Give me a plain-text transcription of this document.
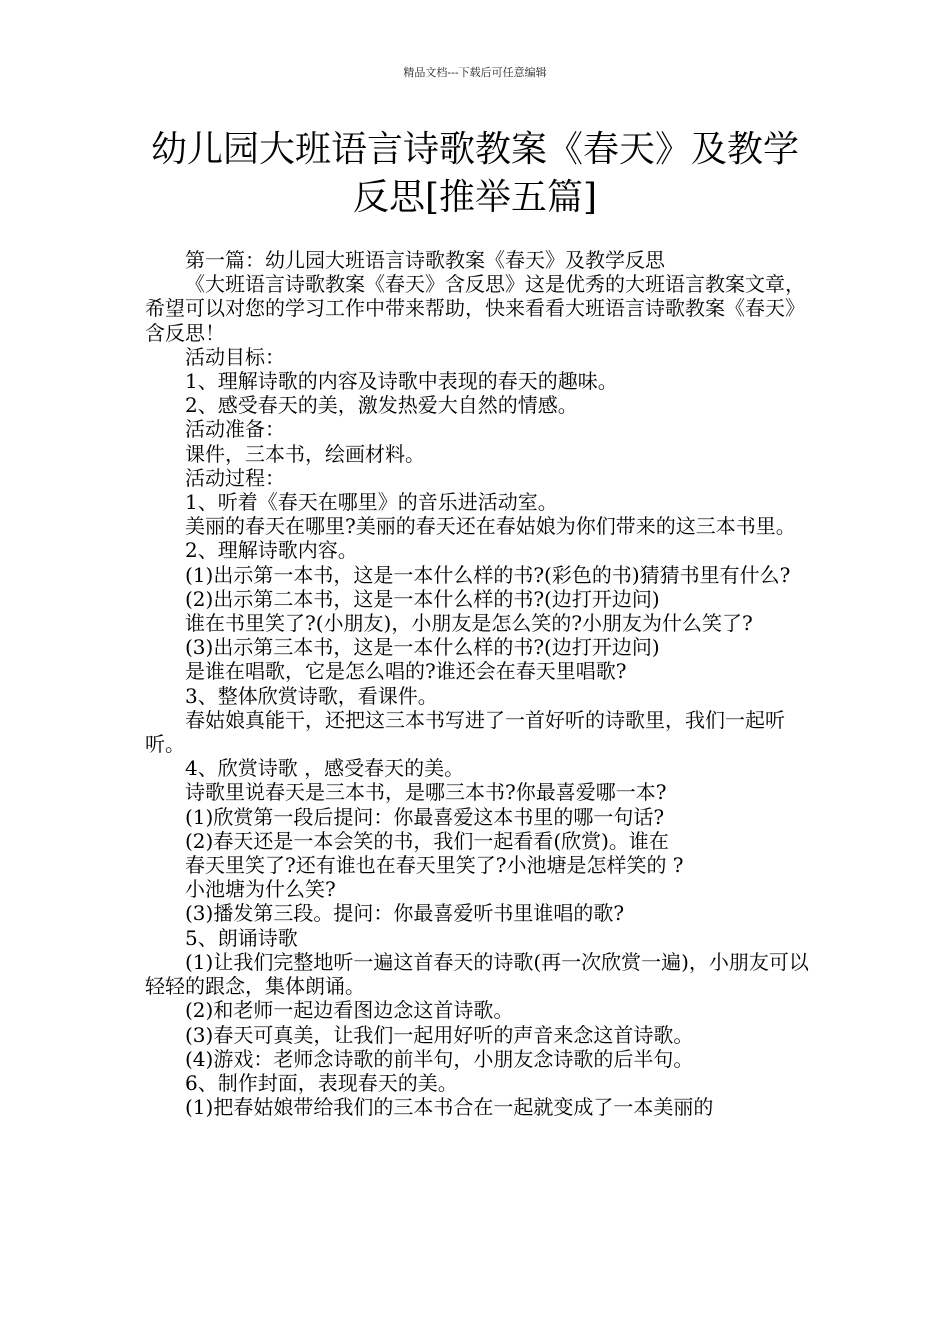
精品文档---下载后可任意编辑
幼儿园大班语言诗歌教案《春天》及教学
反思[推举五篇]

第一篇：幼儿园大班语言诗歌教案《春天》及教学反思

《大班语言诗歌教案《春天》含反思》这是优秀的大班语言教案文章，希望可以对您的学习工作中带来帮助，快来看看大班语言诗歌教案《春天》含反思！

活动目标：

1、理解诗歌的内容及诗歌中表现的春天的趣味。

2、感受春天的美，激发热爱大自然的情感。

活动准备：

课件，三本书，绘画材料。

活动过程：

1、听着《春天在哪里》的音乐进活动室。

美丽的春天在哪里?美丽的春天还在春姑娘为你们带来的这三本书里。

2、理解诗歌内容。

(1)出示第一本书，这是一本什么样的书?(彩色的书)猜猜书里有什么?

(2)出示第二本书，这是一本什么样的书?(边打开边问)

谁在书里笑了?(小朋友)，小朋友是怎么笑的?小朋友为什么笑了?

(3)出示第三本书，这是一本什么样的书?(边打开边问)

是谁在唱歌，它是怎么唱的?谁还会在春天里唱歌?

3、整体欣赏诗歌，看课件。

春姑娘真能干，还把这三本书写进了一首好听的诗歌里，我们一起听听。

4、欣赏诗歌 ，感受春天的美。

诗歌里说春天是三本书，是哪三本书?你最喜爱哪一本?

(1)欣赏第一段后提问：你最喜爱这本书里的哪一句话?

(2)春天还是一本会笑的书，我们一起看看(欣赏)。谁在

春天里笑了?还有谁也在春天里笑了?小池塘是怎样笑的 ?

小池塘为什么笑?

(3)播发第三段。提问：你最喜爱听书里谁唱的歌?

5、朗诵诗歌

(1)让我们完整地听一遍这首春天的诗歌(再一次欣赏一遍)，小朋友可以轻轻的跟念，集体朗诵。

(2)和老师一起边看图边念这首诗歌。

(3)春天可真美，让我们一起用好听的声音来念这首诗歌。

(4)游戏：老师念诗歌的前半句，小朋友念诗歌的后半句。

6、制作封面，表现春天的美。

(1)把春姑娘带给我们的三本书合在一起就变成了一本美丽的
